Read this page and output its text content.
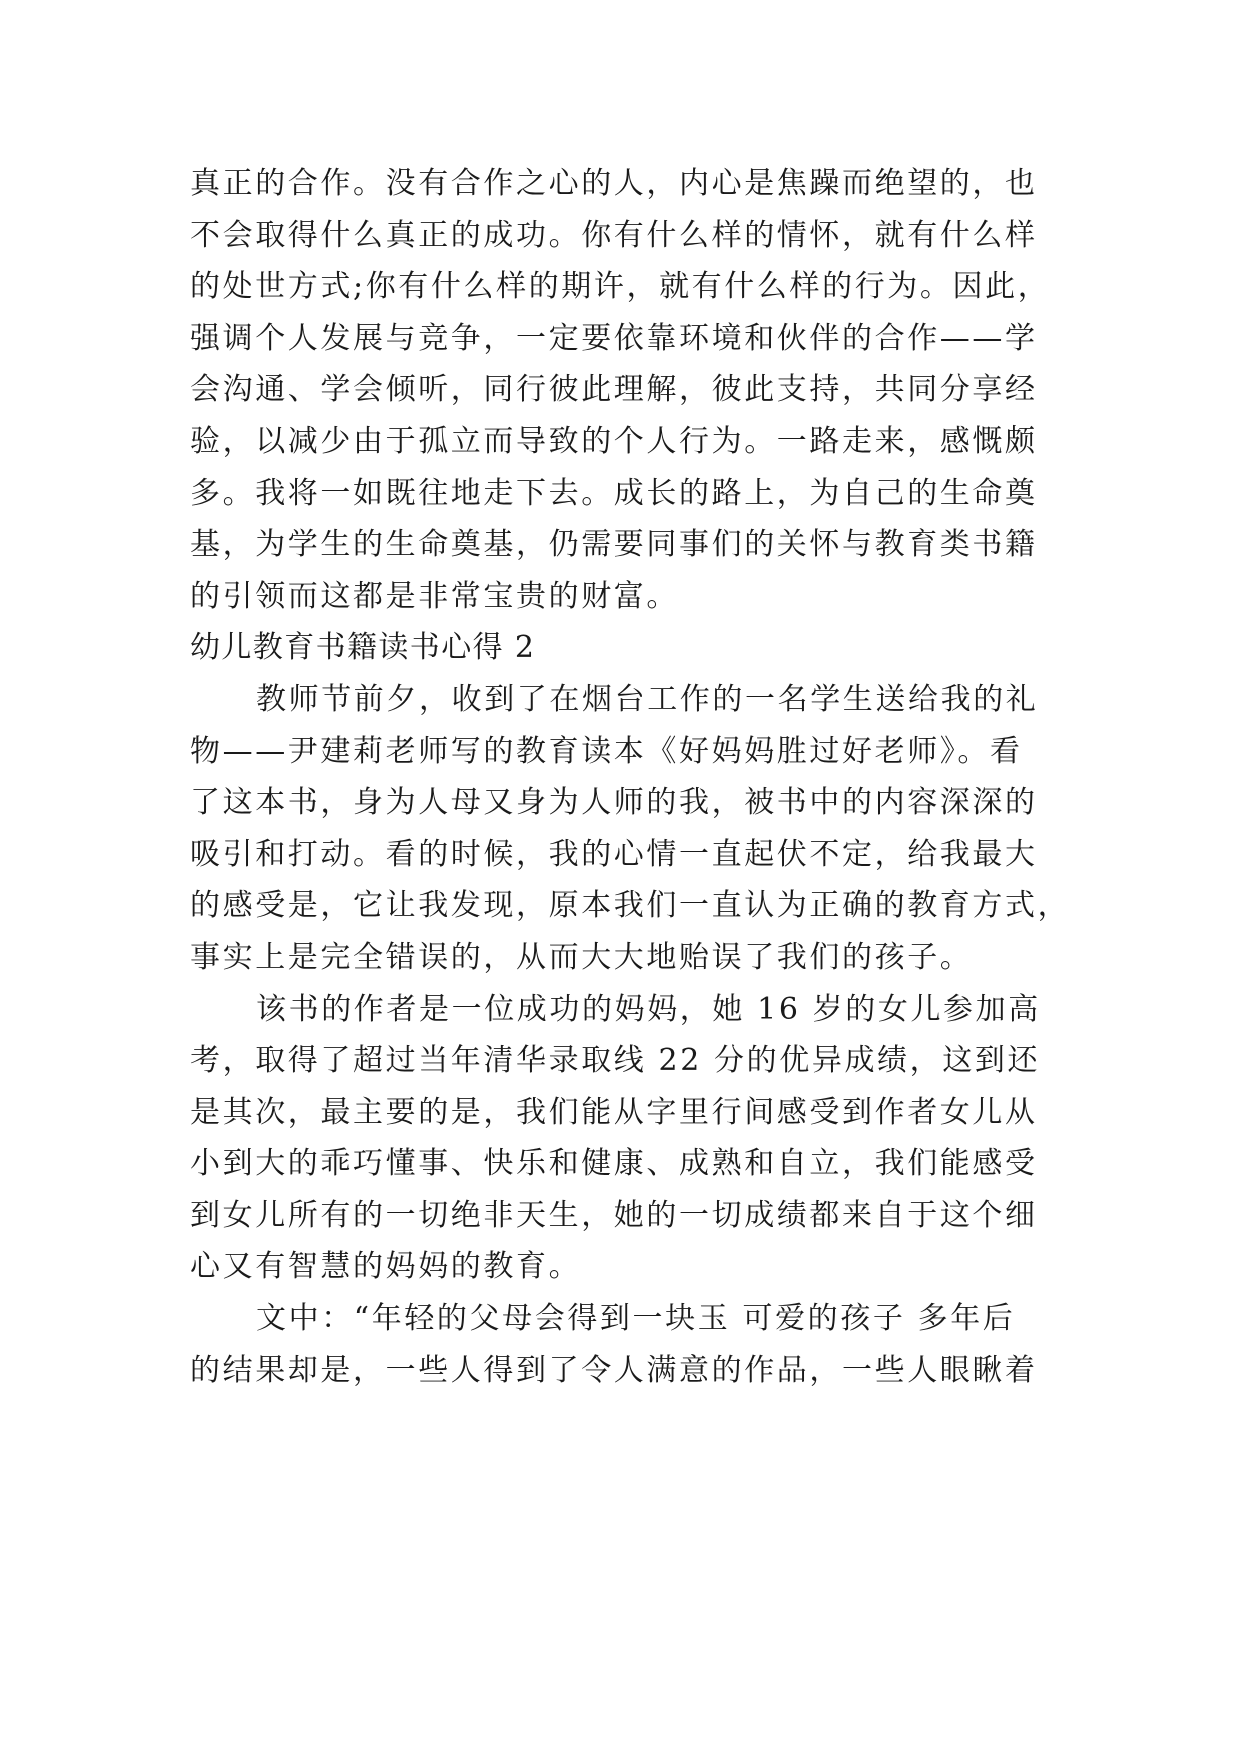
真正的合作。没有合作之心的人，内心是焦躁而绝望的，也
不会取得什么真正的成功。你有什么样的情怀，就有什么样
的处世方式;你有什么样的期许，就有什么样的行为。因此，
强调个人发展与竞争，一定要依靠环境和伙伴的合作——学
会沟通、学会倾听，同行彼此理解，彼此支持，共同分享经
验，以减少由于孤立而导致的个人行为。一路走来，感慨颇
多。我将一如既往地走下去。成长的路上，为自己的生命奠
基，为学生的生命奠基，仍需要同事们的关怀与教育类书籍
的引领而这都是非常宝贵的财富。
幼儿教育书籍读书心得 2
教师节前夕，收到了在烟台工作的一名学生送给我的礼
物——尹建莉老师写的教育读本《好妈妈胜过好老师》。看
了这本书，身为人母又身为人师的我，被书中的内容深深的
吸引和打动。看的时候，我的心情一直起伏不定，给我最大
的感受是，它让我发现，原本我们一直认为正确的教育方式，
事实上是完全错误的，从而大大地贻误了我们的孩子。
该书的作者是一位成功的妈妈，她 16 岁的女儿参加高
考，取得了超过当年清华录取线 22 分的优异成绩，这到还
是其次，最主要的是，我们能从字里行间感受到作者女儿从
小到大的乖巧懂事、快乐和健康、成熟和自立，我们能感受
到女儿所有的一切绝非天生，她的一切成绩都来自于这个细
心又有智慧的妈妈的教育。
文中：“年轻的父母会得到一块玉 可爱的孩子 多年后
的结果却是，一些人得到了令人满意的作品，一些人眼瞅着
